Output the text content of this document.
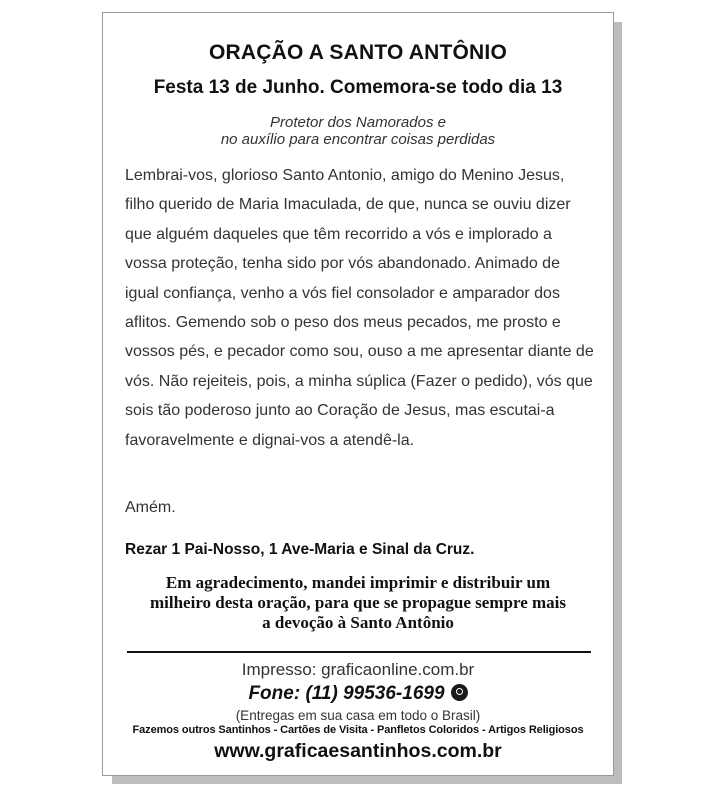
ORAÇÃO A SANTO ANTÔNIO
Festa 13 de Junho. Comemora-se todo dia 13
Protetor dos Namorados e
no auxílio para encontrar coisas perdidas
Lembrai-vos, glorioso Santo Antonio, amigo do Menino Jesus, filho querido de Maria Imaculada, de que, nunca se ouviu dizer que alguém daqueles que têm recorrido a vós e implorado a vossa proteção, tenha sido por vós abandonado. Animado de igual confiança, venho a vós fiel consolador e amparador dos aflitos. Gemendo sob o peso dos meus pecados, me prosto e vossos pés, e pecador como sou, ouso a me apresentar diante de vós. Não rejeiteis, pois, a minha súplica (Fazer o pedido), vós que sois tão poderoso junto ao Coração de Jesus, mas escutai-a favoravelmente e dignai-vos a atendê-la.
Amém.
Rezar 1 Pai-Nosso, 1 Ave-Maria e Sinal da Cruz.
Em agradecimento, mandei imprimir e distribuir um
milheiro desta oração, para que se propague sempre mais
a devoção à Santo Antônio
Impresso: graficaonline.com.br
Fone: (11) 99536-1699
(Entregas em sua casa em todo o Brasil)
Fazemos outros Santinhos - Cartões de Visita - Panfletos Coloridos - Artigos Religiosos
www.graficaesantinhos.com.br
